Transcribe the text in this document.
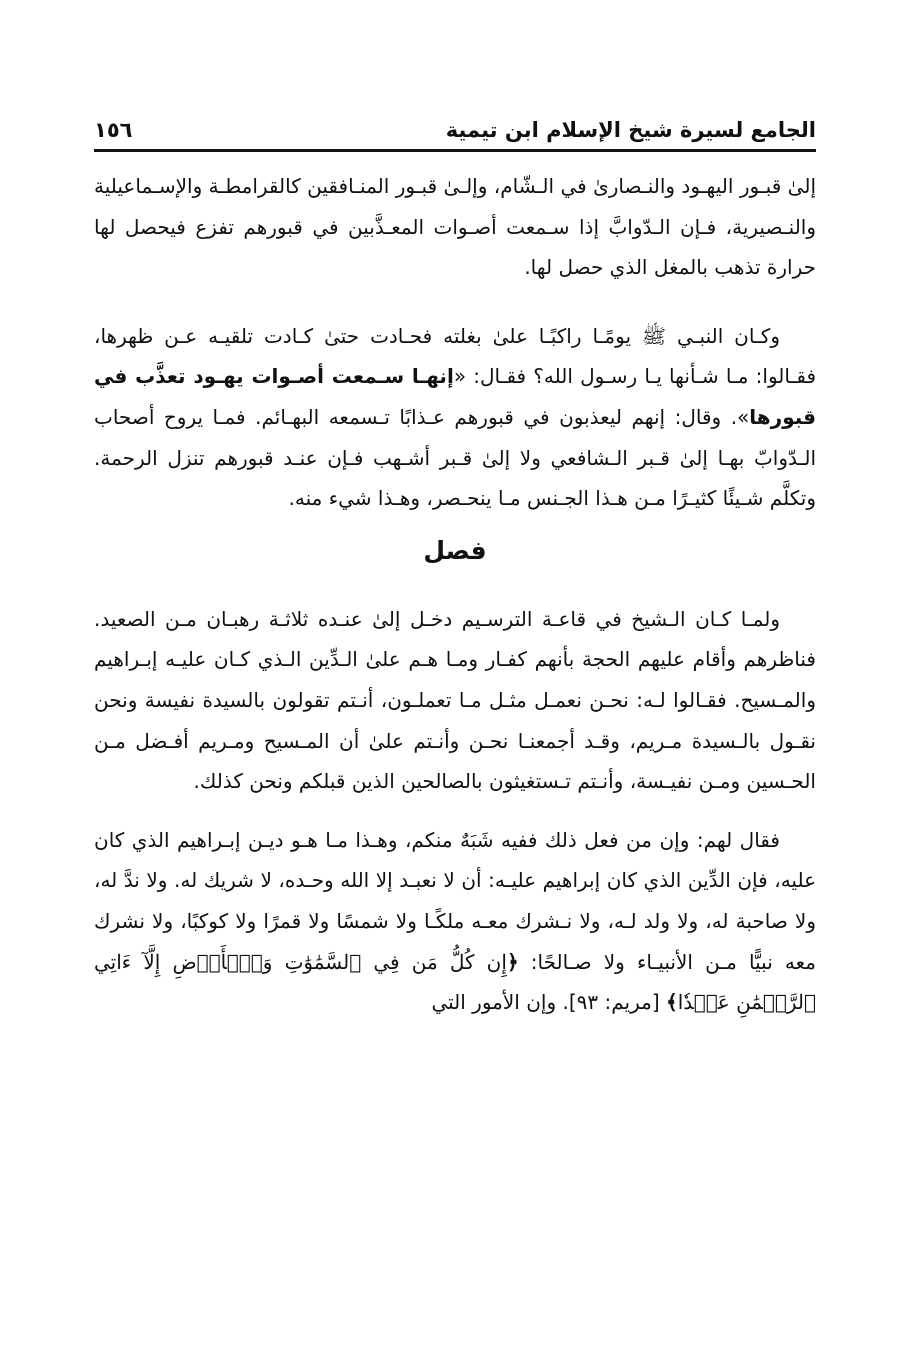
الجامع لسيرة شيخ الإسلام ابن تيمية
١٥٦

إلىٰ قبـور اليهـود والنـصارىٰ في الـشّام، وإلـىٰ قبـور المنـافقين كالقرامطـة والإسـماعيلية والنـصيرية، فـإن الـدّوابَّ إذا سـمعت أصـوات المعـذَّبين في قبورهم تفزع فيحصل لها حرارة تذهب بالمغل الذي حصل لها.

وكـان النبـي ﷺ يومًـا راكبًـا علىٰ بغلته فحـادت حتىٰ كـادت تلقيـه عـن ظهرها، فقـالوا: مـا شـأنها يـا رسـول الله؟ فقـال: «إنهـا سـمعت أصـوات يهـود تعذَّب في قبورها». وقال: إنهم ليعذبون في قبورهم عـذابًا تـسمعه البهـائم. فمـا يروح أصحاب الـدّوابّ بهـا إلىٰ قـبر الـشافعي ولا إلىٰ قـبر أشـهب فـإن عنـد قبورهم تنزل الرحمة. وتكلَّم شـيئًا كثيـرًا مـن هـذا الجـنس مـا ينحـصر، وهـذا شيء منه.

فصل

ولمـا كـان الـشيخ في قاعـة الترسـيم دخـل إلىٰ عنـده ثلاثـة رهبـان مـن الصعيد. فناظرهم وأقام عليهم الحجة بأنهم كفـار ومـا هـم علىٰ الـدِّين الـذي كـان عليـه إبـراهيم والمـسيح. فقـالوا لـه: نحـن نعمـل مثـل مـا تعملـون، أنـتم تقولون بالسيدة نفيسة ونحن نقـول بالـسيدة مـريم، وقـد أجمعنـا نحـن وأنـتم علىٰ أن المـسيح ومـريم أفـضل مـن الحـسين ومـن نفيـسة، وأنـتم تـستغيثون بالصالحين الذين قبلكم ونحن كذلك.

فقال لهم: وإن من فعل ذلك ففيه شَبَهٌ منكم، وهـذا مـا هـو ديـن إبـراهيم الذي كان عليه، فإن الدِّين الذي كان إبراهيم عليـه: أن لا نعبـد إلا الله وحـده، لا شريك له. ولا ندَّ له، ولا صاحبة له، ولا ولد لـه، ولا نـشرك معـه ملكًـا ولا شمسًا ولا قمرًا ولا كوكبًا، ولا نشرك معه نبيًّا مـن الأنبيـاء ولا صـالحًا: ﴿إِن كُلُّ مَن فِي ٱلسَّمَٰوَٰتِ وَٱلۡأَرۡضِ إِلَّآ ءَاتِي ٱلرَّحۡمَٰنِ عَبۡدٗا﴾ [مريم: ٩٣]. وإن الأمور التي
